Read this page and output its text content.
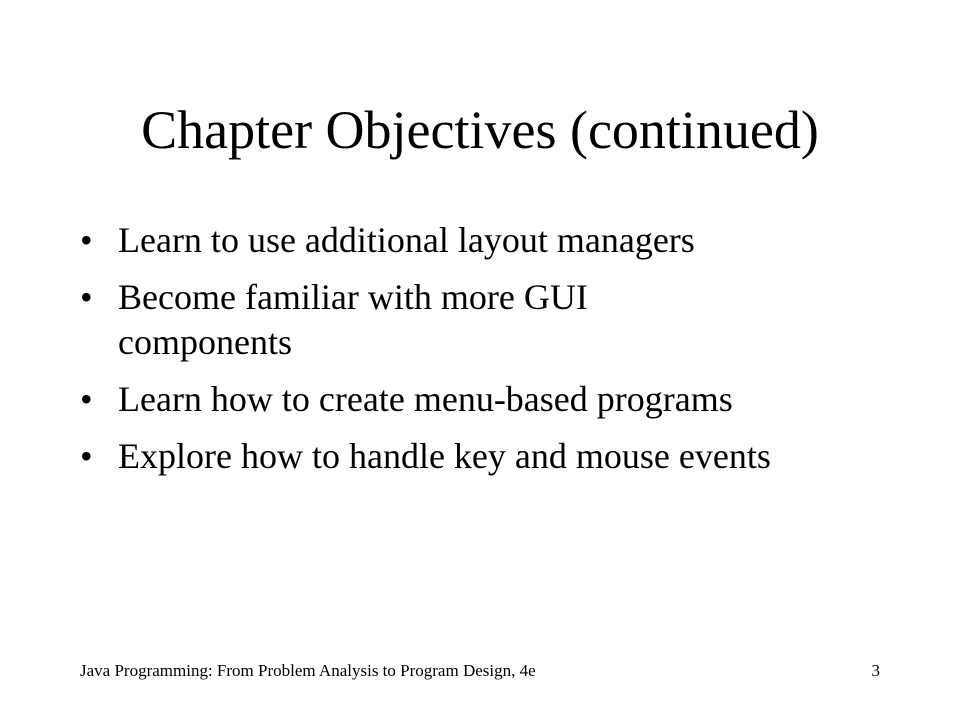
Chapter Objectives (continued)
• Learn to use additional layout managers
• Become familiar with more GUI components
• Learn how to create menu-based programs
• Explore how to handle key and mouse events
Java Programming: From Problem Analysis to Program Design, 4e	3
